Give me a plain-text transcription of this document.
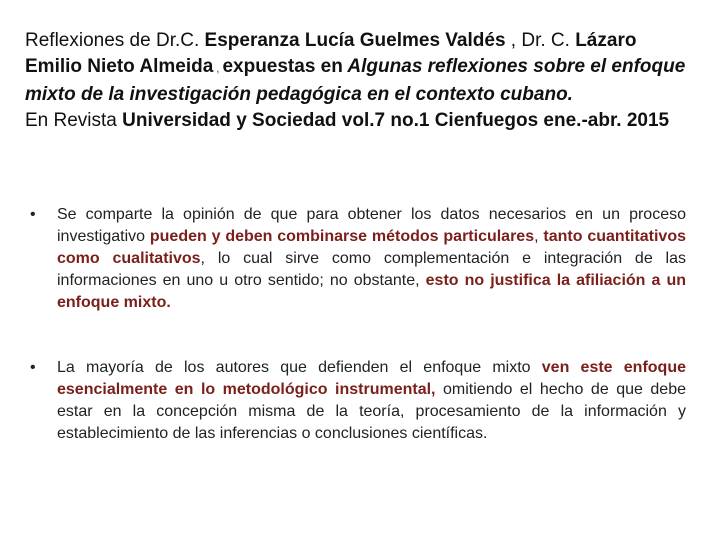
Reflexiones de Dr.C. Esperanza Lucía Guelmes Valdés , Dr. C. Lázaro Emilio Nieto Almeida , expuestas en Algunas reflexiones sobre el enfoque mixto de la investigación pedagógica en el contexto cubano.
En Revista Universidad y Sociedad vol.7 no.1 Cienfuegos ene.-abr. 2015
•	Se comparte la opinión de que para obtener los datos necesarios en un proceso investigativo pueden y deben combinarse métodos particulares, tanto cuantitativos como cualitativos, lo cual sirve como complementación e integración de las informaciones en uno u otro sentido; no obstante, esto no justifica la afiliación a un enfoque mixto.
•	La mayoría de los autores que defienden el enfoque mixto ven este enfoque esencialmente en lo metodológico instrumental, omitiendo el hecho de que debe estar en la concepción misma de la teoría, procesamiento de la información y establecimiento de las inferencias o conclusiones científicas.
